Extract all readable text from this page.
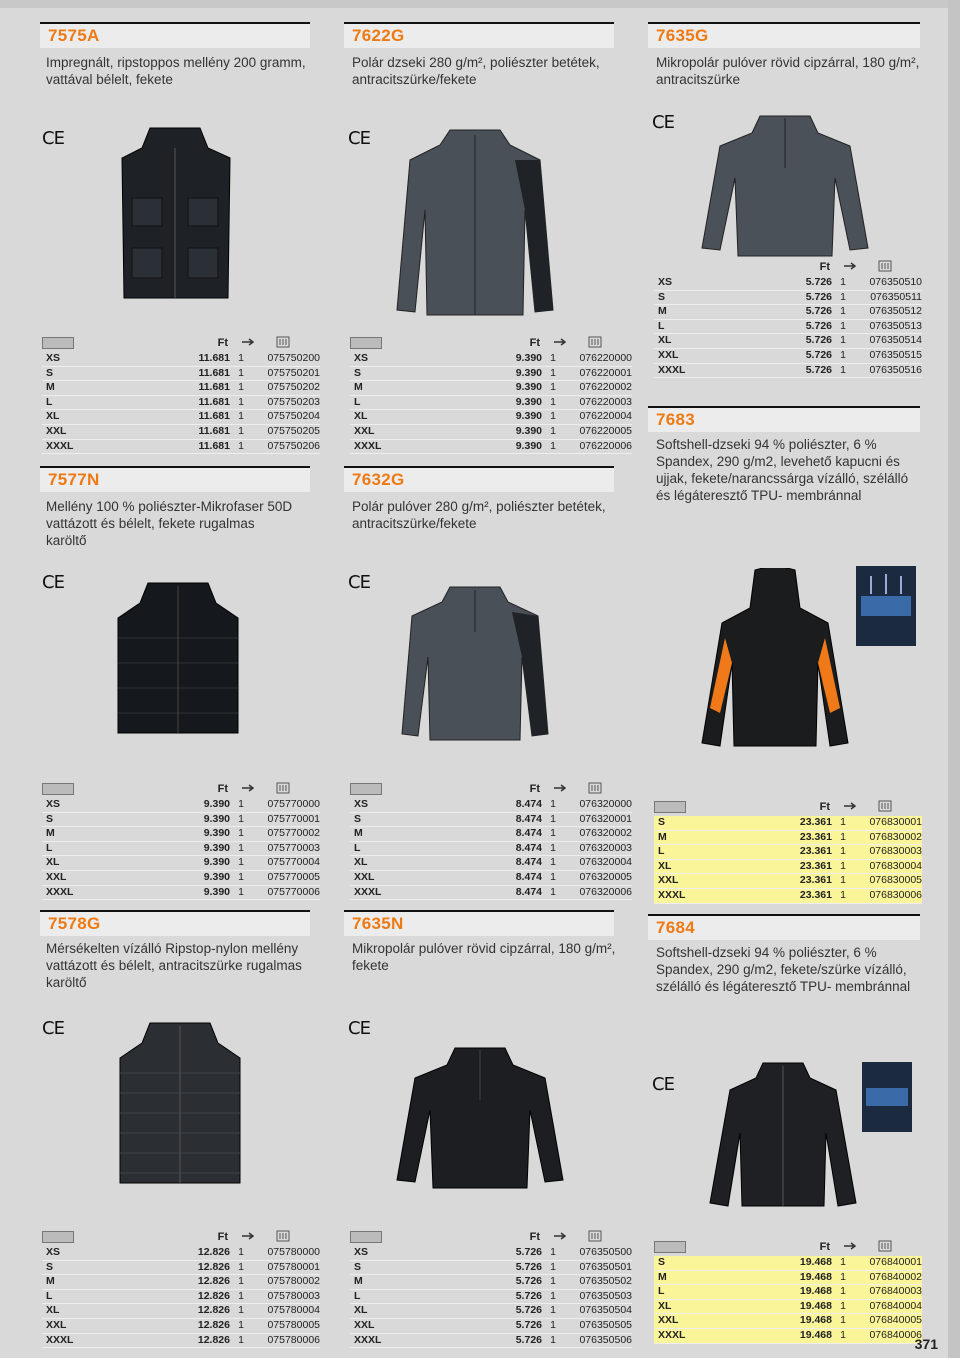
7575A
Impregnált, ripstoppos mellény 200 gramm, vattával bélelt, fekete
7622G
Polár dzseki 280 g/m², poliészter betétek, antracitszürke/fekete
7635G
Mikropolár pulóver rövid cipzárral, 180 g/m², antracitszürke
7577N
Mellény 100 % poliészter-Mikrofaser 50D vattázott és bélelt, fekete rugalmas karöltő
7632G
Polár pulóver 280 g/m², poliészter betétek, antracitszürke/fekete
7683
Softshell-dzseki 94 % poliészter, 6 % Spandex, 290 g/m2, levehető kapucni és ujjak, fekete/narancssárga vízálló, szélálló és légáteresztő TPU- membránnal
7578G
Mérsékelten vízálló Ripstop-nylon mellény vattázott és bélelt, antracitszürke rugalmas karöltő
7635N
Mikropolár pulóver rövid cipzárral, 180 g/m², fekete
7684
Softshell-dzseki 94 % poliészter, 6 % Spandex, 290 g/m2, fekete/szürke vízálló, szélálló és légáteresztő TPU- membránnal
CE	CE
CE
CE	CE
CE	CE
CE
Ft
XS	11.681 1 075750200
S	11.681 1 075750201
M	11.681 1 075750202
L	11.681 1 075750203
XL	11.681 1 075750204
XXL	11.681 1 075750205
XXXL	11.681 1 075750206
Ft
XS	9.390 1 076220000
S	9.390 1 076220001
M	9.390 1 076220002
L	9.390 1 076220003
XL	9.390 1 076220004
XXL	9.390 1 076220005
XXXL	9.390 1 076220006
Ft
XS	5.726 1 076350510
S	5.726 1 076350511
M	5.726 1 076350512
L	5.726 1 076350513
XL	5.726 1 076350514
XXL	5.726 1 076350515
XXXL	5.726 1 076350516
Ft
XS	9.390 1 075770000
S	9.390 1 075770001
M	9.390 1 075770002
L	9.390 1 075770003
XL	9.390 1 075770004
XXL	9.390 1 075770005
XXXL	9.390 1 075770006
Ft
XS	8.474 1 076320000
S	8.474 1 076320001
M	8.474 1 076320002
L	8.474 1 076320003
XL	8.474 1 076320004
XXL	8.474 1 076320005
XXXL	8.474 1 076320006
Ft
S	23.361 1 076830001
M	23.361 1 076830002
L	23.361 1 076830003
XL	23.361 1 076830004
XXL	23.361 1 076830005
XXXL	23.361 1 076830006
Ft
XS	12.826 1 075780000
S	12.826 1 075780001
M	12.826 1 075780002
L	12.826 1 075780003
XL	12.826 1 075780004
XXL	12.826 1 075780005
XXXL	12.826 1 075780006
Ft
XS	5.726 1 076350500
S	5.726 1 076350501
M	5.726 1 076350502
L	5.726 1 076350503
XL	5.726 1 076350504
XXL	5.726 1 076350505
XXXL	5.726 1 076350506
Ft
S	19.468 1 076840001
M	19.468 1 076840002
L	19.468 1 076840003
XL	19.468 1 076840004
XXL	19.468 1 076840005
XXXL	19.468 1 076840006
371
